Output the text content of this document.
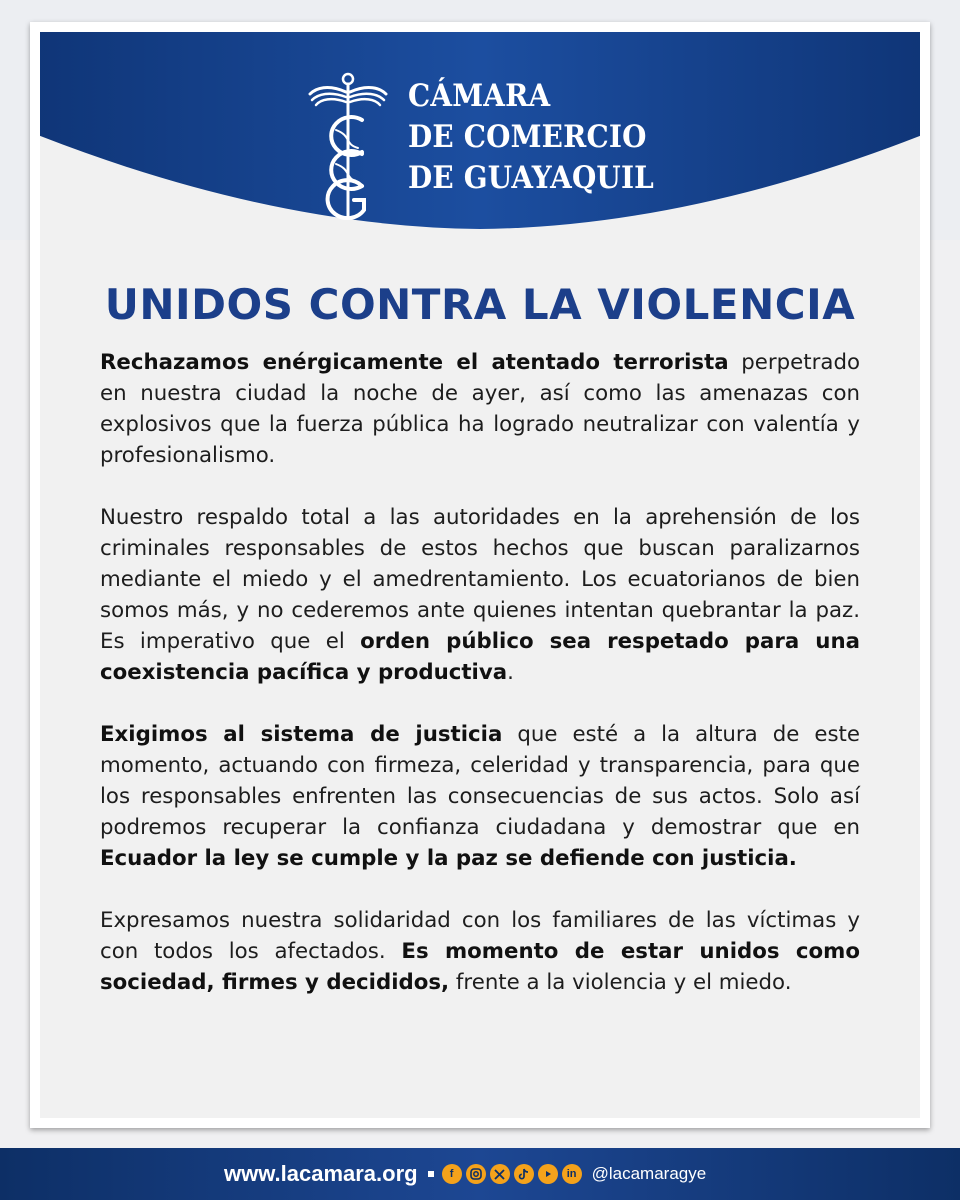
CÁMARA
DE COMERCIO
DE GUAYAQUIL
UNIDOS CONTRA LA VIOLENCIA

Rechazamos enérgicamente el atentado terrorista perpetrado en nuestra ciudad la noche de ayer, así como las amenazas con explosivos que la fuerza pública ha logrado neutralizar con valentía y profesionalismo.

Nuestro respaldo total a las autoridades en la aprehensión de los criminales responsables de estos hechos que buscan paralizarnos mediante el miedo y el amedrentamiento. Los ecuatorianos de bien somos más, y no cederemos ante quienes intentan quebrantar la paz. Es imperativo que el orden público sea respetado para una coexistencia pacífica y productiva.

Exigimos al sistema de justicia que esté a la altura de este momento, actuando con firmeza, celeridad y transparencia, para que los responsables enfrenten las consecuencias de sus actos. Solo así podremos recuperar la confianza ciudadana y demostrar que en Ecuador la ley se cumple y la paz se defiende con justicia.

Expresamos nuestra solidaridad con los familiares de las víctimas y con todos los afectados. Es momento de estar unidos como sociedad, firmes y decididos, frente a la violencia y el miedo.

www.lacamara.org	f	in @lacamaragye
